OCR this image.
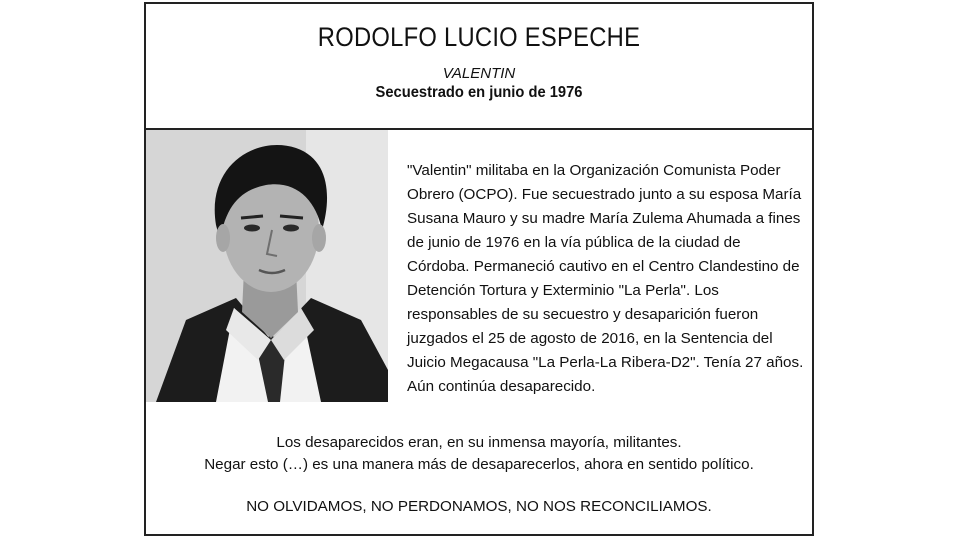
RODOLFO LUCIO ESPECHE
VALENTIN
Secuestrado en junio de 1976

"Valentin" militaba en la Organización Comunista Poder Obrero (OCPO). Fue secuestrado junto a su esposa María Susana Mauro y su madre María Zulema Ahumada a fines de junio de 1976 en la vía pública de la ciudad de Córdoba. Permaneció cautivo en el Centro Clandestino de Detención Tortura y Exterminio "La Perla". Los responsables de su secuestro y desaparición fueron juzgados el 25 de agosto de 2016, en la Sentencia del Juicio Megacausa "La Perla-La Ribera-D2". Tenía 27 años.

Aún continúa desaparecido.

Los desaparecidos eran, en su inmensa mayoría, militantes.

Negar esto (…) es una manera más de desaparecerlos, ahora en sentido político.

NO OLVIDAMOS, NO PERDONAMOS, NO NOS RECONCILIAMOS.
